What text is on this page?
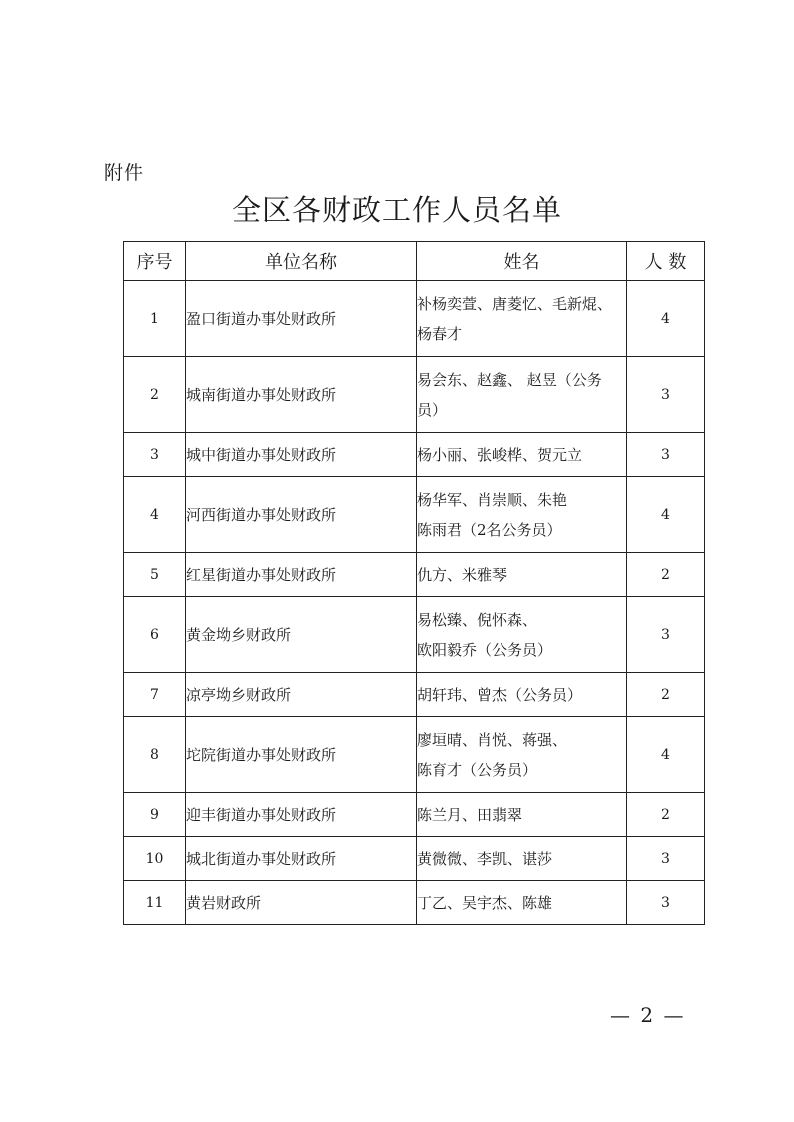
附件
全区各财政工作人员名单
序号	单位名称	姓名	人 数
1	盈口街道办事处财政所	补杨奕萱、唐菱忆、毛新焜、
杨春才	4
2	城南街道办事处财政所	易会东、赵鑫、 赵昱（公务
员）	3
3	城中街道办事处财政所	杨小丽、张峻桦、贺元立	3
4	河西街道办事处财政所	杨华军、肖崇顺、朱艳
陈雨君（2名公务员）	4
5	红星街道办事处财政所	仇方、米雅琴	2
6	黄金坳乡财政所	易松臻、倪怀森、
欧阳毅乔（公务员）	3
7	凉亭坳乡财政所	胡轩玮、曾杰（公务员）	2
8	坨院街道办事处财政所	廖垣晴、肖悦、蒋强、
陈育才（公务员）	4
9	迎丰街道办事处财政所	陈兰月、田翡翠	2
10	城北街道办事处财政所	黄微微、李凯、谌莎	3
11	黄岩财政所	丁乙、吴宇杰、陈雄	3
— 2 —
